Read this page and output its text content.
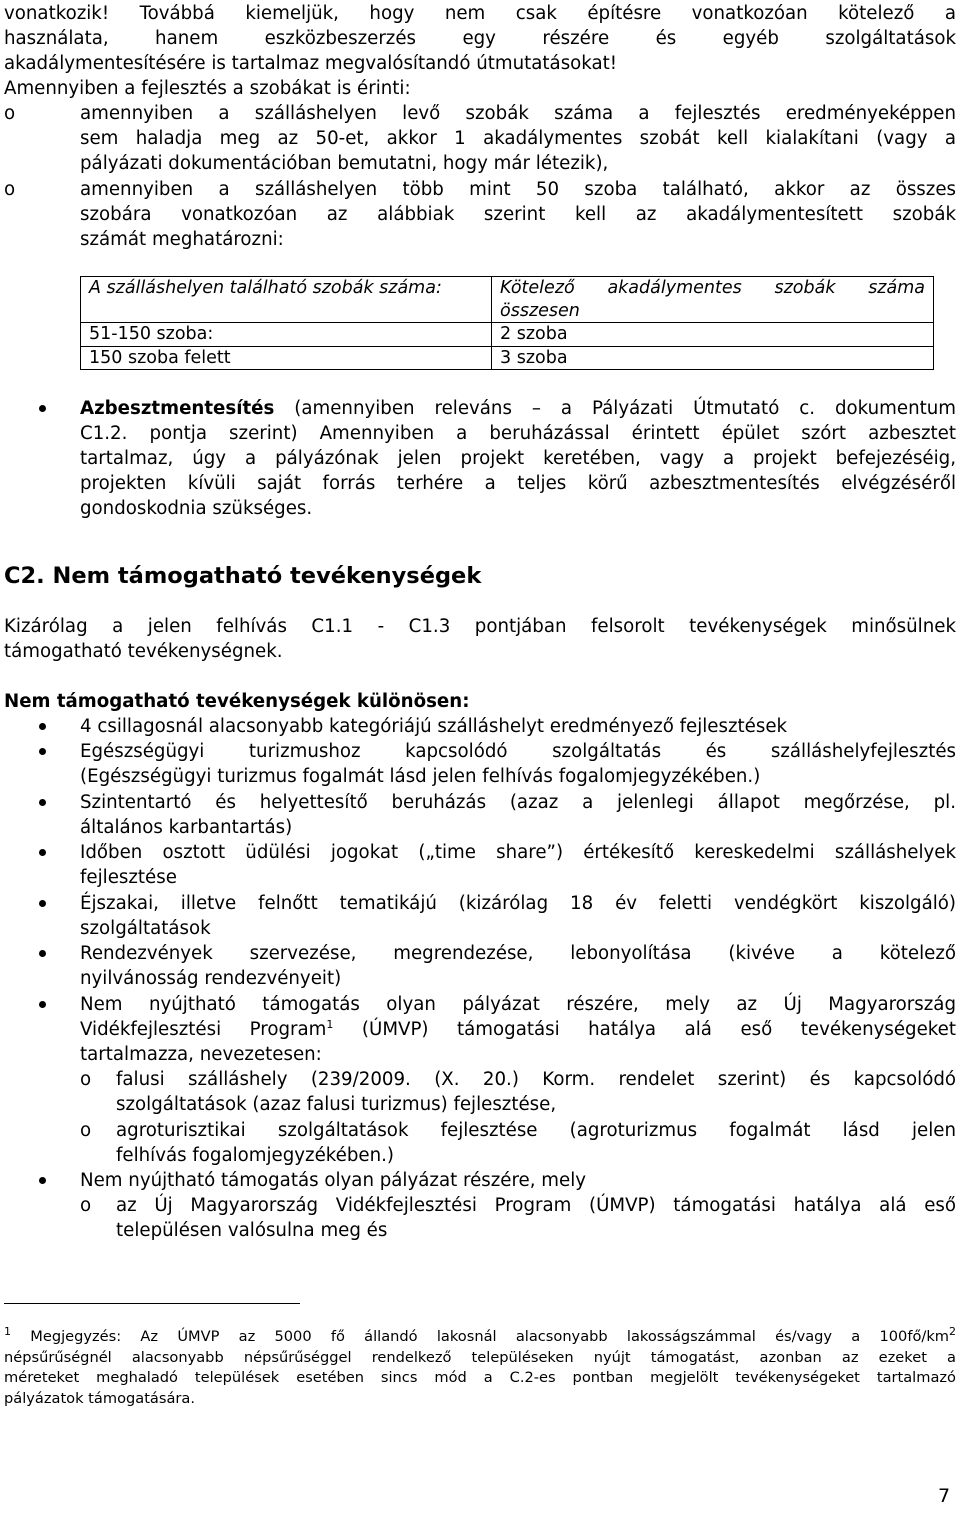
vonatkozik! Továbbá kiemeljük, hogy nem csak építésre vonatkozóan kötelező a
használata, hanem eszközbeszerzés egy részére és egyéb szolgáltatások
akadálymentesítésére is tartalmaz megvalósítandó útmutatásokat!
Amennyiben a fejlesztés a szobákat is érinti:
o	amennyiben a szálláshelyen levő szobák száma a fejlesztés eredményeképpen
sem haladja meg az 50-et, akkor 1 akadálymentes szobát kell kialakítani (vagy a
pályázati dokumentációban bemutatni, hogy már létezik),
o	amennyiben a szálláshelyen több mint 50 szoba található, akkor az összes
szobára vonatkozóan az alábbiak szerint kell az akadálymentesített szobák
számát meghatározni:
A szálláshelyen található szobák száma:	Kötelező akadálymentes szobák száma összesen
51-150 szoba:	2 szoba
150 szoba felett	3 szoba
Azbesztmentesítés (amennyiben releváns – a Pályázati Útmutató c. dokumentum
C1.2. pontja szerint) Amennyiben a beruházással érintett épület szórt azbesztet
tartalmaz, úgy a pályázónak jelen projekt keretében, vagy a projekt befejezéséig,
projekten kívüli saját forrás terhére a teljes körű azbesztmentesítés elvégzéséről
gondoskodnia szükséges.
C2. Nem támogatható tevékenységek
Kizárólag a jelen felhívás C1.1 - C1.3 pontjában felsorolt tevékenységek minősülnek
támogatható tevékenységnek.
Nem támogatható tevékenységek különösen:
4 csillagosnál alacsonyabb kategóriájú szálláshelyt eredményező fejlesztések
Egészségügyi turizmushoz kapcsolódó szolgáltatás és szálláshelyfejlesztés
(Egészségügyi turizmus fogalmát lásd jelen felhívás fogalomjegyzékében.)
Szintentartó és helyettesítő beruházás (azaz a jelenlegi állapot megőrzése, pl.
általános karbantartás)
Időben osztott üdülési jogokat („time share”) értékesítő kereskedelmi szálláshelyek
fejlesztése
Éjszakai, illetve felnőtt tematikájú (kizárólag 18 év feletti vendégkört kiszolgáló)
szolgáltatások
Rendezvények szervezése, megrendezése, lebonyolítása (kivéve a kötelező
nyilvánosság rendezvényeit)
Nem nyújtható támogatás olyan pályázat részére, mely az Új Magyarország
Vidékfejlesztési Program$^1$ (ÚMVP) támogatási hatálya alá eső tevékenységeket
tartalmazza, nevezetesen:
o falusi szálláshely (239/2009. (X. 20.) Korm. rendelet szerint) és kapcsolódó
szolgáltatások (azaz falusi turizmus) fejlesztése,
o agroturisztikai szolgáltatások fejlesztése (agroturizmus fogalmát lásd jelen
felhívás fogalomjegyzékében.)
Nem nyújtható támogatás olyan pályázat részére, mely
o az Új Magyarország Vidékfejlesztési Program (ÚMVP) támogatási hatálya alá eső
településen valósulna meg és
$^1$ Megjegyzés: Az ÚMVP az 5000 fő állandó lakosnál alacsonyabb lakosságszámmal és/vagy a $100fő/km^2$
népsűrűségnél alacsonyabb népsűrűséggel rendelkező településeken nyújt támogatást, azonban az ezeket a
méreteket meghaladó települések esetében sincs mód a C.2-es pontban megjelölt tevékenységeket tartalmazó
pályázatok támogatására.
7
